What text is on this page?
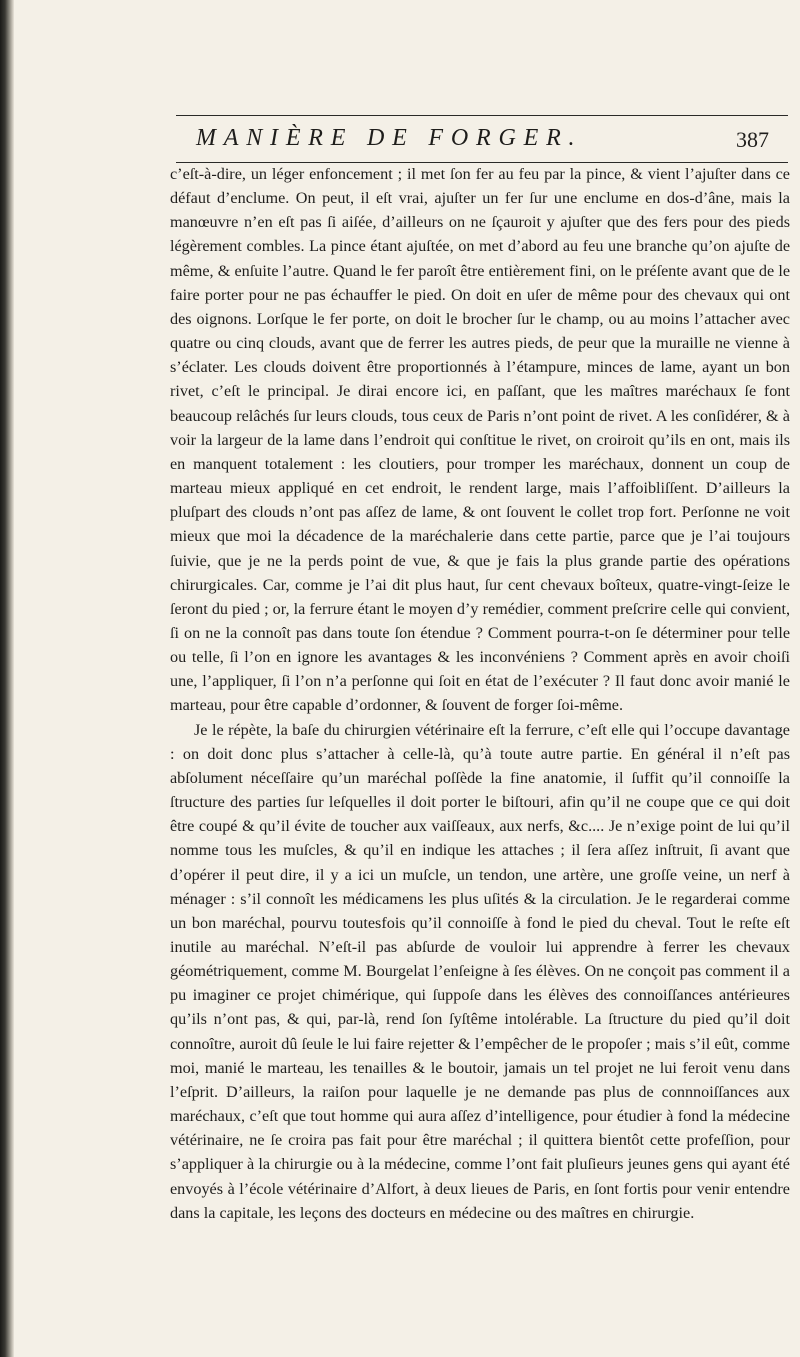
MANIÈRE DE FORGER.	387

c’eſt-à-dire, un léger enfoncement ; il met ſon fer au feu par la pince, & vient l’ajuſter dans ce défaut d’enclume. On peut, il eſt vrai, ajuſter un fer ſur une enclume en dos-d’âne, mais la manœuvre n’en eſt pas ſi aiſée, d’ailleurs on ne ſçauroit y ajuſter que des fers pour des pieds légèrement combles. La pince étant ajuſtée, on met d’abord au feu une branche qu’on ajuſte de même, & enſuite l’autre. Quand le fer paroît être entièrement fini, on le préſente avant que de le faire porter pour ne pas échauffer le pied. On doit en uſer de même pour des chevaux qui ont des oignons. Lorſque le fer porte, on doit le brocher ſur le champ, ou au moins l’attacher avec quatre ou cinq clouds, avant que de ferrer les autres pieds, de peur que la muraille ne vienne à s’éclater. Les clouds doivent être proportionnés à l’étampure, minces de lame, ayant un bon rivet, c’eſt le principal. Je dirai encore ici, en paſſant, que les maîtres maréchaux ſe font beaucoup relâchés ſur leurs clouds, tous ceux de Paris n’ont point de rivet. A les conſidérer, & à voir la largeur de la lame dans l’endroit qui conſtitue le rivet, on croiroit qu’ils en ont, mais ils en manquent totalement : les cloutiers, pour tromper les maréchaux, donnent un coup de marteau mieux appliqué en cet endroit, le rendent large, mais l’affoibliſſent. D’ailleurs la pluſpart des clouds n’ont pas aſſez de lame, & ont ſouvent le collet trop fort. Perſonne ne voit mieux que moi la décadence de la maréchalerie dans cette partie, parce que je l’ai toujours ſuivie, que je ne la perds point de vue, & que je fais la plus grande partie des opérations chirurgicales. Car, comme je l’ai dit plus haut, ſur cent chevaux boîteux, quatre-vingt-ſeize le ſeront du pied ; or, la ferrure étant le moyen d’y remédier, comment preſcrire celle qui convient, ſi on ne la connoît pas dans toute ſon étendue ? Comment pourra-t-on ſe déterminer pour telle ou telle, ſi l’on en ignore les avantages & les inconvéniens ? Comment après en avoir choiſi une, l’appliquer, ſi l’on n’a perſonne qui ſoit en état de l’exécuter ? Il faut donc avoir manié le marteau, pour être capable d’ordonner, & ſouvent de forger ſoi-même.

Je le répète, la baſe du chirurgien vétérinaire eſt la ferrure, c’eſt elle qui l’occupe davantage : on doit donc plus s’attacher à celle-là, qu’à toute autre partie. En général il n’eſt pas abſolument néceſſaire qu’un maréchal poſſède la fine anatomie, il ſuffit qu’il connoiſſe la ſtructure des parties ſur leſquelles il doit porter le biſtouri, afin qu’il ne coupe que ce qui doit être coupé & qu’il évite de toucher aux vaiſſeaux, aux nerfs, &c.... Je n’exige point de lui qu’il nomme tous les muſcles, & qu’il en indique les attaches ; il ſera aſſez inſtruit, ſi avant que d’opérer il peut dire, il y a ici un muſcle, un tendon, une artère, une groſſe veine, un nerf à ménager : s’il connoît les médicamens les plus uſités & la circulation. Je le regarderai comme un bon maréchal, pourvu toutesfois qu’il connoiſſe à fond le pied du cheval. Tout le reſte eſt inutile au maréchal. N’eſt-il pas abſurde de vouloir lui apprendre à ferrer les chevaux géométriquement, comme M. Bourgelat l’enſeigne à ſes élèves. On ne conçoit pas comment il a pu imaginer ce projet chimérique, qui ſuppoſe dans les élèves des connoiſſances antérieures qu’ils n’ont pas, & qui, par-là, rend ſon ſyſtême intolérable. La ſtructure du pied qu’il doit connoître, auroit dû ſeule le lui faire rejetter & l’empêcher de le propoſer ; mais s’il eût, comme moi, manié le marteau, les tenailles & le boutoir, jamais un tel projet ne lui feroit venu dans l’eſprit. D’ailleurs, la raiſon pour laquelle je ne demande pas plus de connnoiſſances aux maréchaux, c’eſt que tout homme qui aura aſſez d’intelligence, pour étudier à fond la médecine vétérinaire, ne ſe croira pas fait pour être maréchal ; il quittera bientôt cette profeſſion, pour s’appliquer à la chirurgie ou à la médecine, comme l’ont fait pluſieurs jeunes gens qui ayant été envoyés à l’école vétérinaire d’Alfort, à deux lieues de Paris, en ſont fortis pour venir entendre dans la capitale, les leçons des docteurs en médecine ou des maîtres en chirurgie.
